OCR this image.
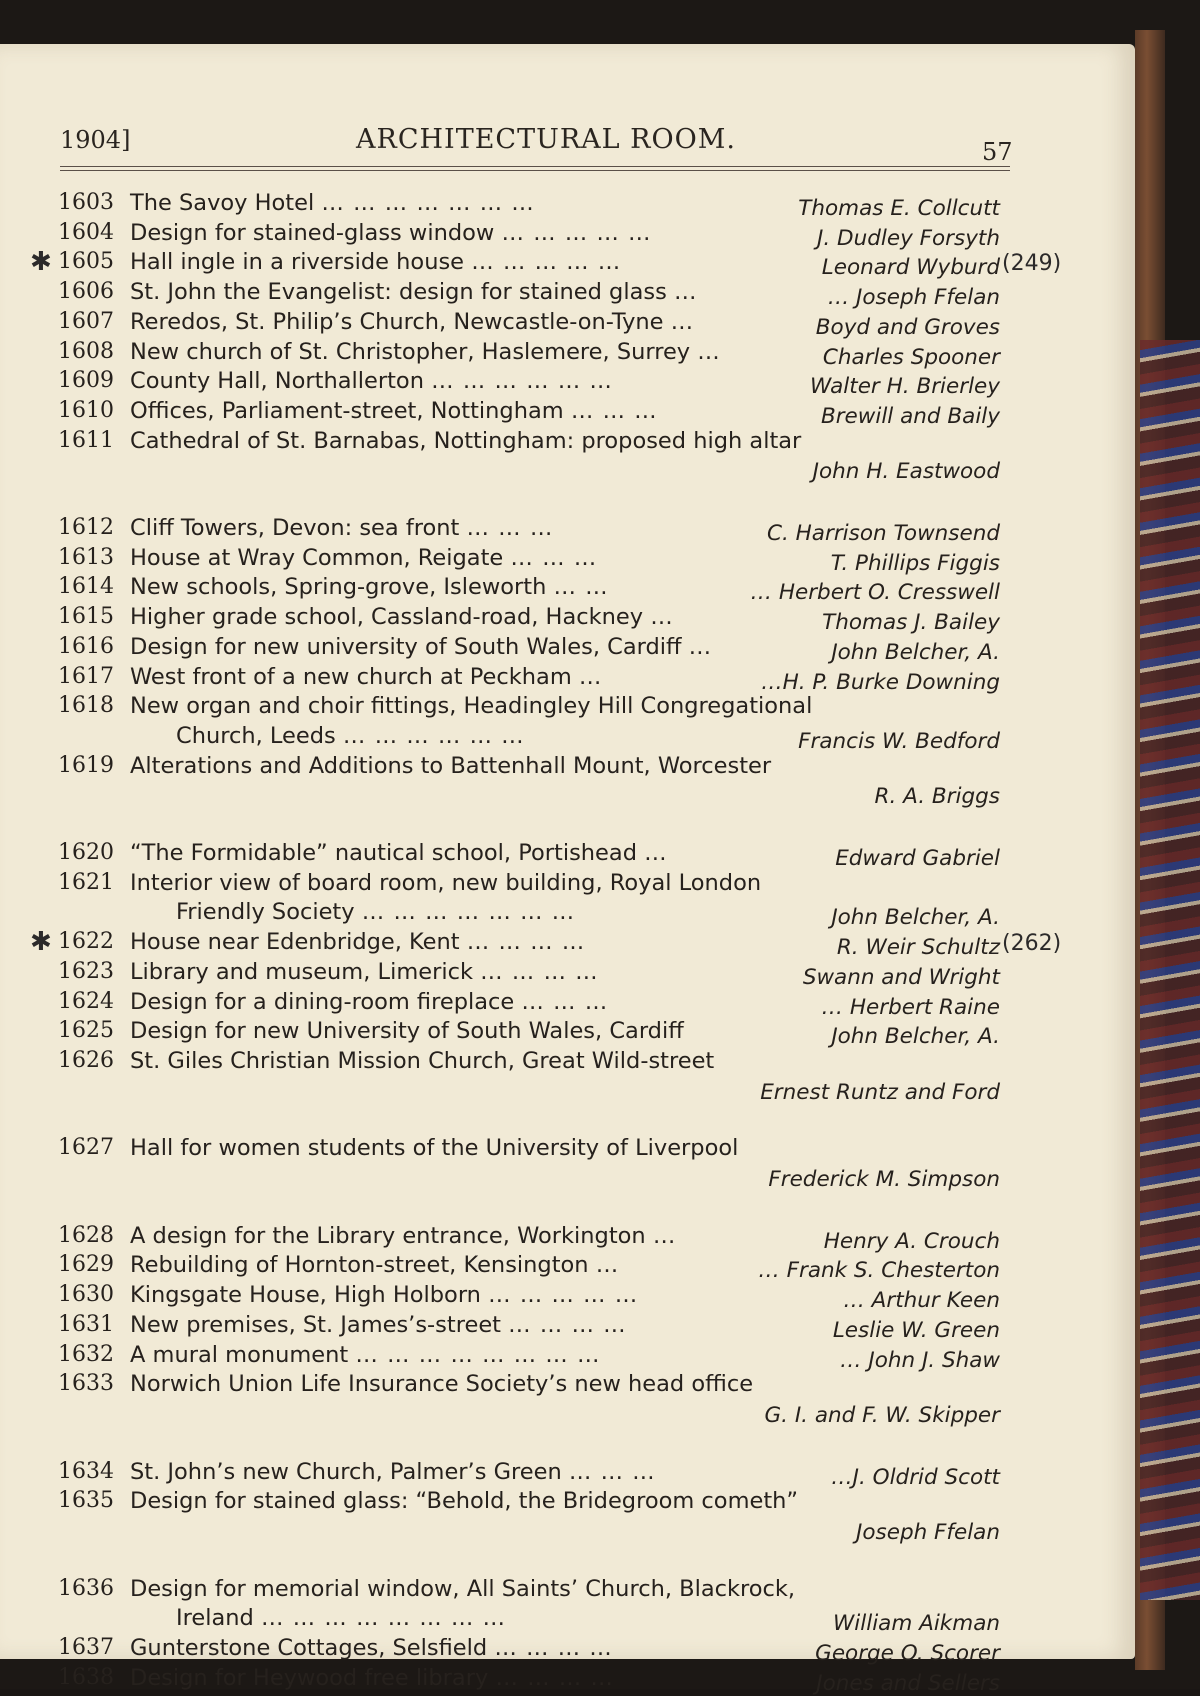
1904]	ARCHITECTURAL ROOM.	57
1603 The Savoy Hotel … … … … … … …	Thomas E. Collcutt
1604 Design for stained-glass window … … … … …	J. Dudley Forsyth
✱ 1605 Hall ingle in a riverside house … … … … …	Leonard Wyburd (249)
1606 St. John the Evangelist: design for stained glass …	… Joseph Ffelan
1607 Reredos, St. Philip’s Church, Newcastle-on-Tyne …	Boyd and Groves
1608 New church of St. Christopher, Haslemere, Surrey …	Charles Spooner
1609 County Hall, Northallerton … … … … … …	Walter H. Brierley
1610 Offices, Parliament-street, Nottingham … … …	Brewill and Baily
1611 Cathedral of St. Barnabas, Nottingham: proposed high altar
John H. Eastwood
1612 Cliff Towers, Devon: sea front … … …	C. Harrison Townsend
1613 House at Wray Common, Reigate … … …	T. Phillips Figgis
1614 New schools, Spring-grove, Isleworth … …	… Herbert O. Cresswell
1615 Higher grade school, Cassland-road, Hackney …	Thomas J. Bailey
1616 Design for new university of South Wales, Cardiff …	John Belcher, A.
1617 West front of a new church at Peckham …	…H. P. Burke Downing
1618 New organ and choir fittings, Headingley Hill Congregational
Church, Leeds … … … … … …	Francis W. Bedford
1619 Alterations and Additions to Battenhall Mount, Worcester
R. A. Briggs
1620 “The Formidable” nautical school, Portishead …	Edward Gabriel
1621 Interior view of board room, new building, Royal London
Friendly Society … … … … … … …	John Belcher, A.
✱ 1622 House near Edenbridge, Kent … … … …	R. Weir Schultz (262)
1623 Library and museum, Limerick … … … …	Swann and Wright
1624 Design for a dining-room fireplace … … …	… Herbert Raine
1625 Design for new University of South Wales, Cardiff	John Belcher, A.
1626 St. Giles Christian Mission Church, Great Wild-street
Ernest Runtz and Ford
1627 Hall for women students of the University of Liverpool
Frederick M. Simpson
1628 A design for the Library entrance, Workington …	Henry A. Crouch
1629 Rebuilding of Hornton-street, Kensington …	… Frank S. Chesterton
1630 Kingsgate House, High Holborn … … … … …	… Arthur Keen
1631 New premises, St. James’s-street … … … …	Leslie W. Green
1632 A mural monument … … … … … … … …	… John J. Shaw
1633 Norwich Union Life Insurance Society’s new head office
G. I. and F. W. Skipper
1634 St. John’s new Church, Palmer’s Green … … …	…J. Oldrid Scott
1635 Design for stained glass: “Behold, the Bridegroom cometh”
Joseph Ffelan
1636 Design for memorial window, All Saints’ Church, Blackrock,
Ireland … … … … … … … …	William Aikman
1637 Gunterstone Cottages, Selsfield … … … …	George O. Scorer
1638 Design for Heywood free library … … … …	Jones and Sellers
